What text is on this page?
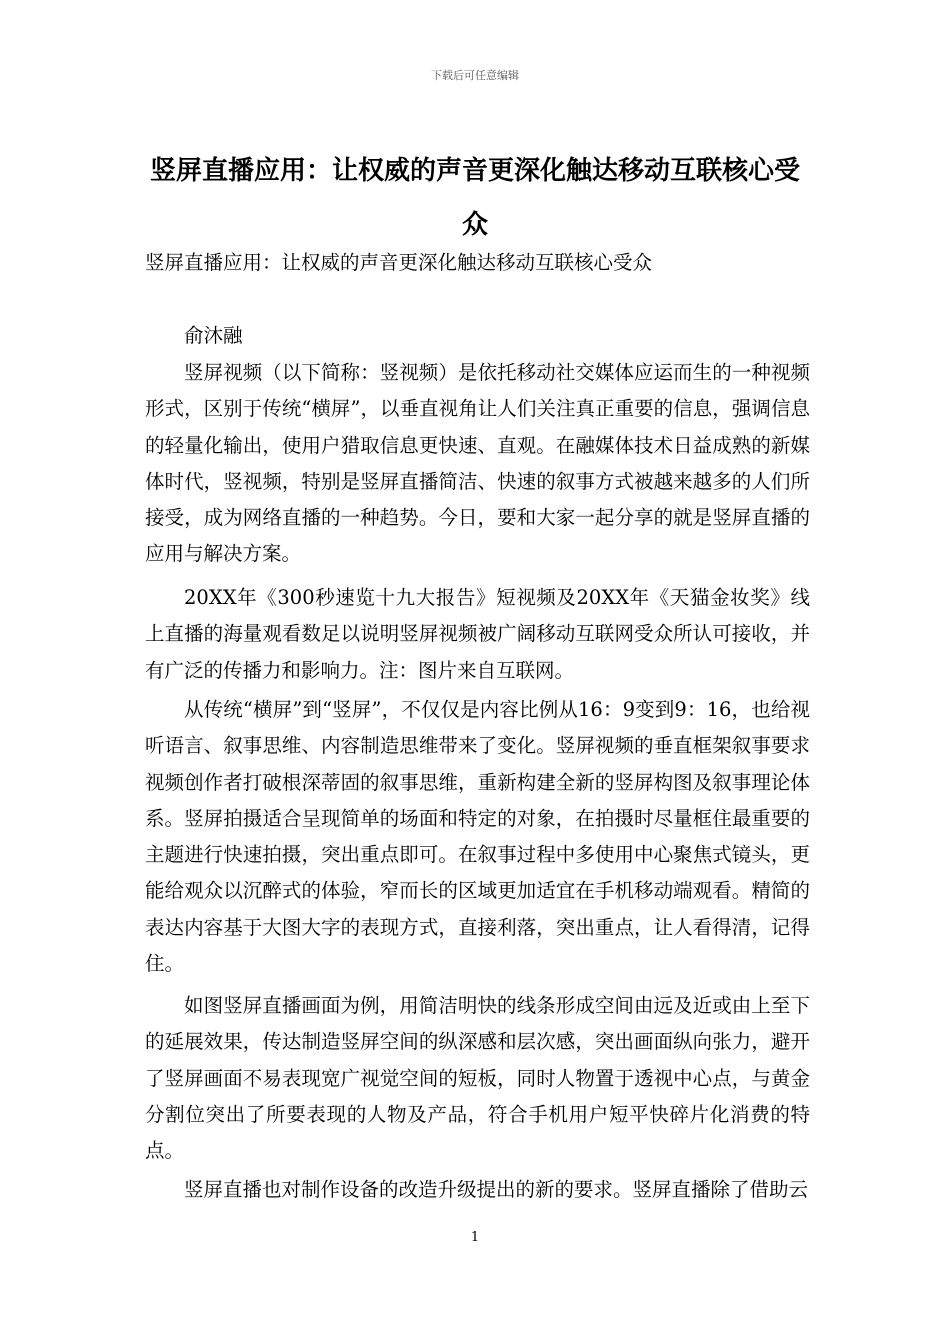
下载后可任意编辑
竖屏直播应用：让权威的声音更深化触达移动互联核心受众

竖屏直播应用：让权威的声音更深化触达移动互联核心受众

俞沐融

竖屏视频（以下简称：竖视频）是依托移动社交媒体应运而生的一种视频形式，区别于传统“横屏”，以垂直视角让人们关注真正重要的信息，强调信息的轻量化输出，使用户猎取信息更快速、直观。在融媒体技术日益成熟的新媒体时代，竖视频，特别是竖屏直播简洁、快速的叙事方式被越来越多的人们所接受，成为网络直播的一种趋势。今日，要和大家一起分享的就是竖屏直播的应用与解决方案。

20XX年《300秒速览十九大报告》短视频及20XX年《天猫金妆奖》线上直播的海量观看数足以说明竖屏视频被广阔移动互联网受众所认可接收，并有广泛的传播力和影响力。注：图片来自互联网。

从传统“横屏”到“竖屏”，不仅仅是内容比例从16：9变到9：16，也给视听语言、叙事思维、内容制造思维带来了变化。竖屏视频的垂直框架叙事要求视频创作者打破根深蒂固的叙事思维，重新构建全新的竖屏构图及叙事理论体系。竖屏拍摄适合呈现简单的场面和特定的对象，在拍摄时尽量框住最重要的主题进行快速拍摄，突出重点即可。在叙事过程中多使用中心聚焦式镜头，更能给观众以沉醉式的体验，窄而长的区域更加适宜在手机移动端观看。精简的表达内容基于大图大字的表现方式，直接利落，突出重点，让人看得清，记得住。

如图竖屏直播画面为例，用简洁明快的线条形成空间由远及近或由上至下的延展效果，传达制造竖屏空间的纵深感和层次感，突出画面纵向张力，避开了竖屏画面不易表现宽广视觉空间的短板，同时人物置于透视中心点，与黄金分割位突出了所要表现的人物及产品，符合手机用户短平快碎片化消费的特点。

竖屏直播也对制作设备的改造升级提出的新的要求。竖屏直播除了借助云

1
